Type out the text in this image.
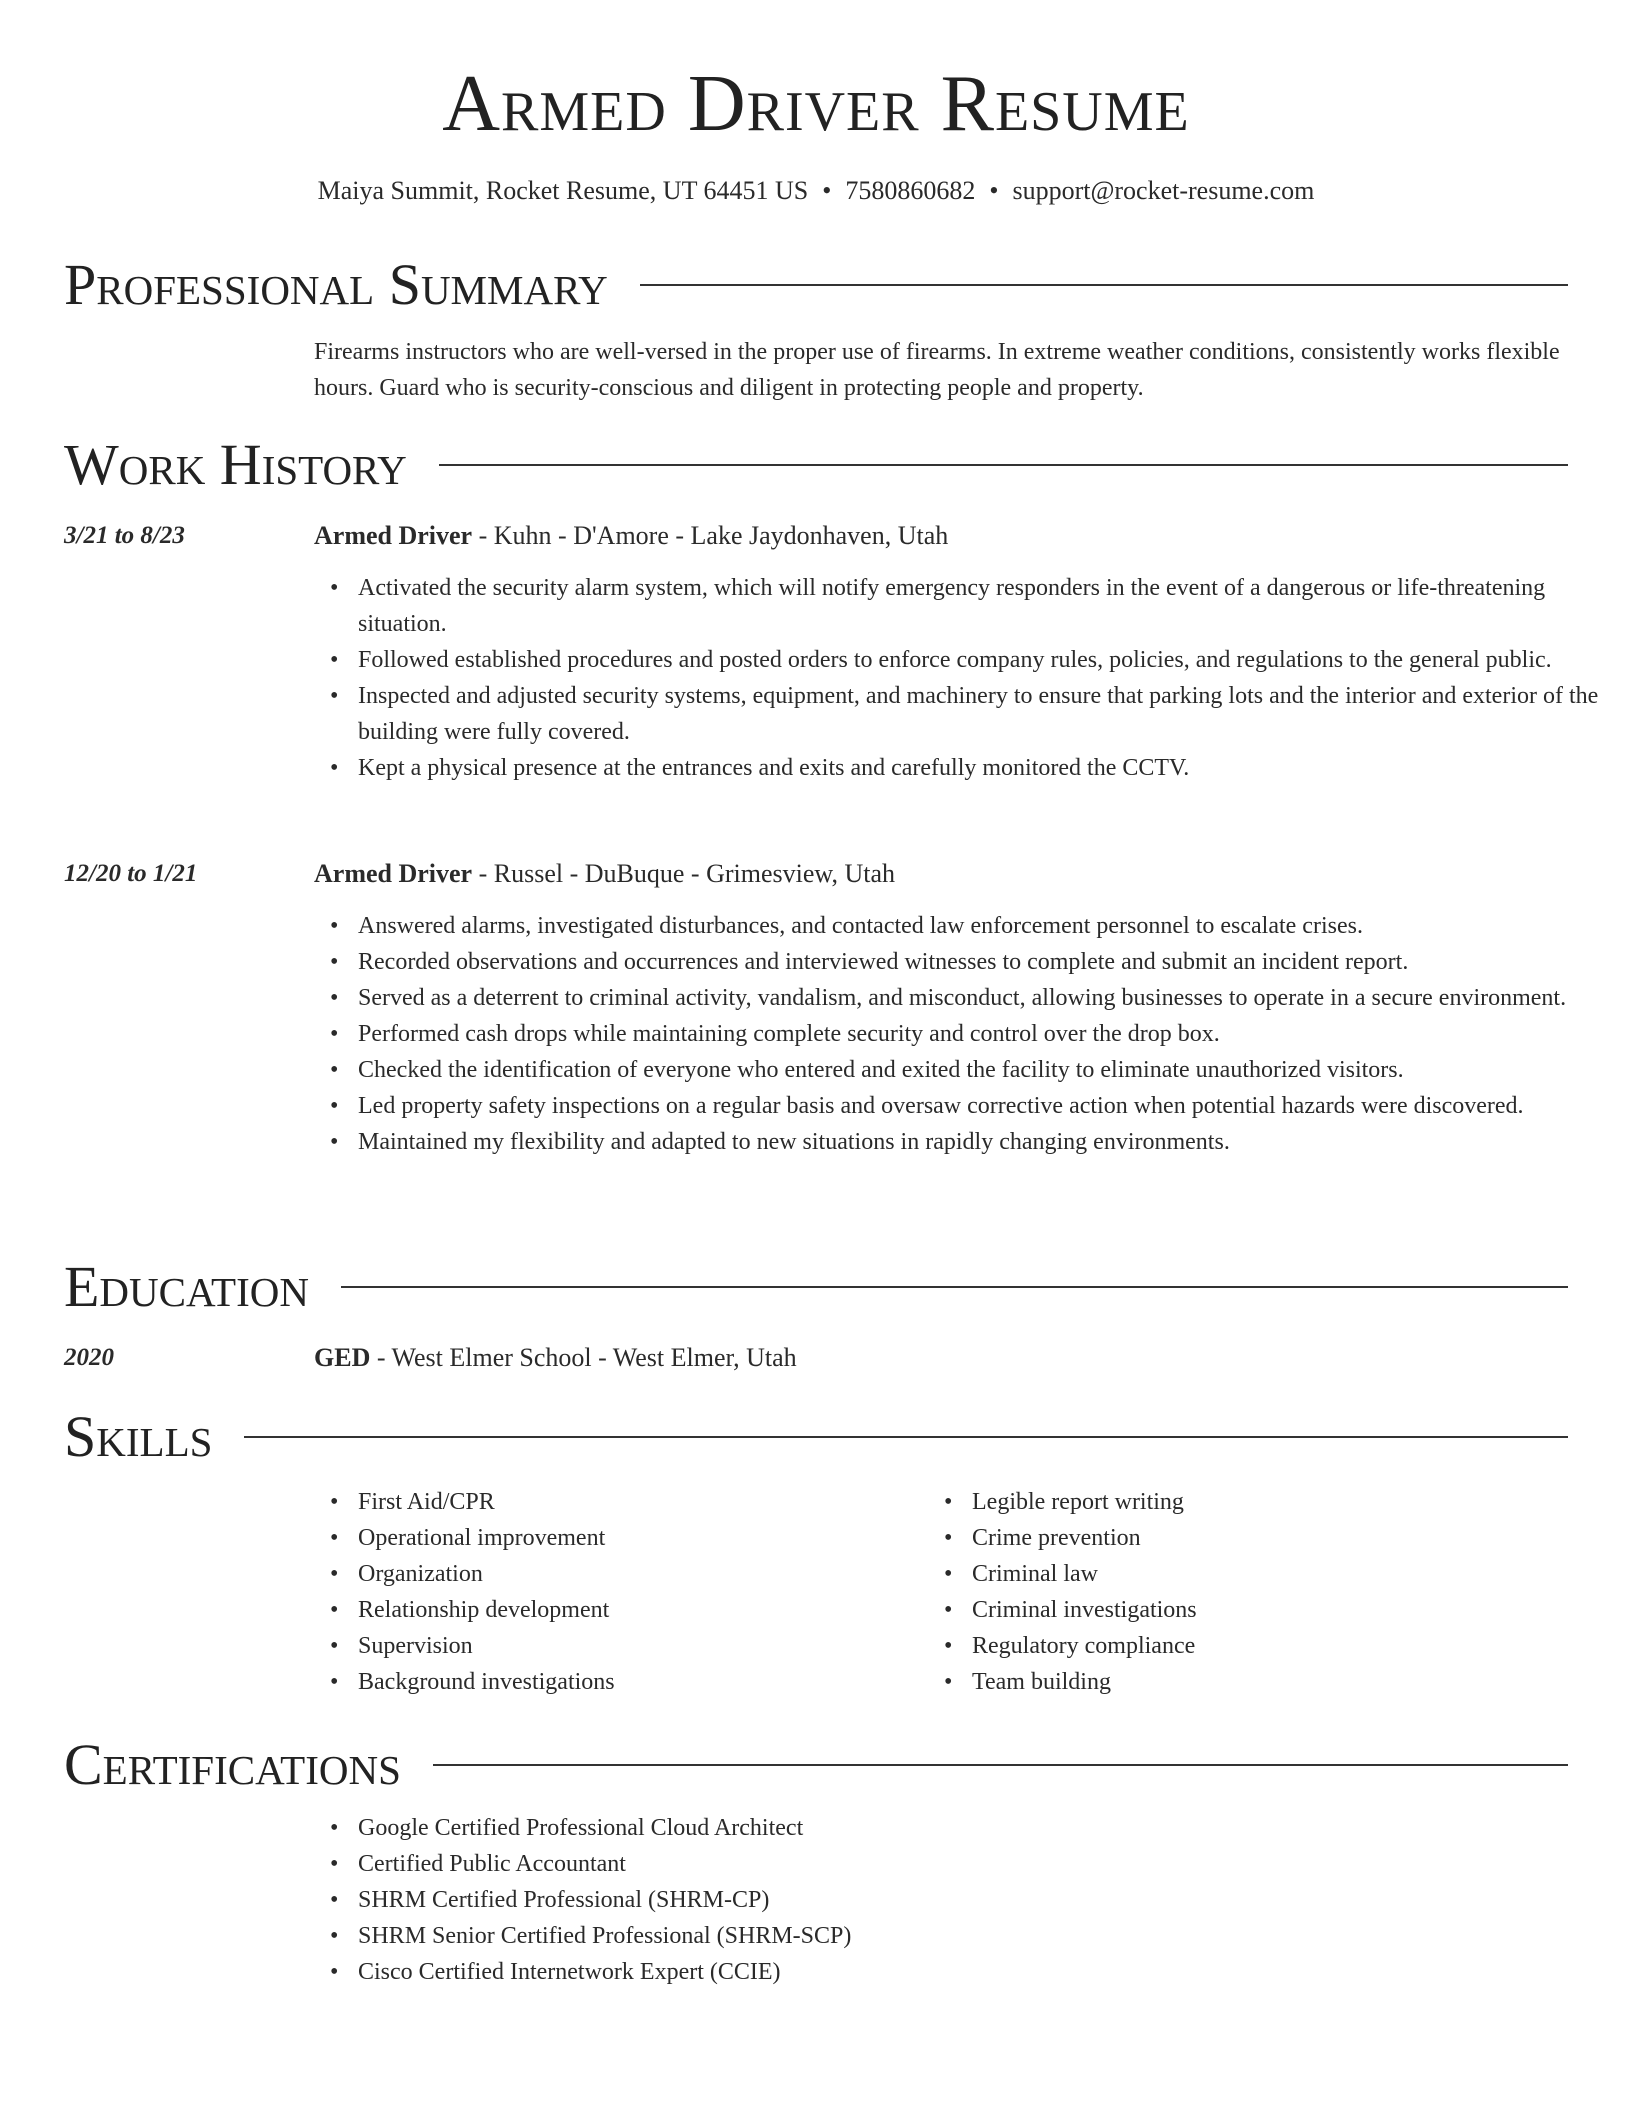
Armed Driver Resume
Maiya Summit, Rocket Resume, UT 64451 US • 7580860682 • support@rocket-resume.com
Professional Summary
Firearms instructors who are well-versed in the proper use of firearms. In extreme weather conditions, consistently works flexible hours. Guard who is security-conscious and diligent in protecting people and property.
Work History
3/21 to 8/23	Armed Driver - Kuhn - D'Amore - Lake Jaydonhaven, Utah
• Activated the security alarm system, which will notify emergency responders in the event of a dangerous or life-threatening situation.
• Followed established procedures and posted orders to enforce company rules, policies, and regulations to the general public.
• Inspected and adjusted security systems, equipment, and machinery to ensure that parking lots and the interior and exterior of the building were fully covered.
• Kept a physical presence at the entrances and exits and carefully monitored the CCTV.
12/20 to 1/21	Armed Driver - Russel - DuBuque - Grimesview, Utah
• Answered alarms, investigated disturbances, and contacted law enforcement personnel to escalate crises.
• Recorded observations and occurrences and interviewed witnesses to complete and submit an incident report.
• Served as a deterrent to criminal activity, vandalism, and misconduct, allowing businesses to operate in a secure environment.
• Performed cash drops while maintaining complete security and control over the drop box.
• Checked the identification of everyone who entered and exited the facility to eliminate unauthorized visitors.
• Led property safety inspections on a regular basis and oversaw corrective action when potential hazards were discovered.
• Maintained my flexibility and adapted to new situations in rapidly changing environments.
Education
2020	GED - West Elmer School - West Elmer, Utah
Skills
• First Aid/CPR
• Operational improvement
• Organization
• Relationship development
• Supervision
• Background investigations
• Legible report writing
• Crime prevention
• Criminal law
• Criminal investigations
• Regulatory compliance
• Team building
Certifications
• Google Certified Professional Cloud Architect
• Certified Public Accountant
• SHRM Certified Professional (SHRM-CP)
• SHRM Senior Certified Professional (SHRM-SCP)
• Cisco Certified Internetwork Expert (CCIE)
